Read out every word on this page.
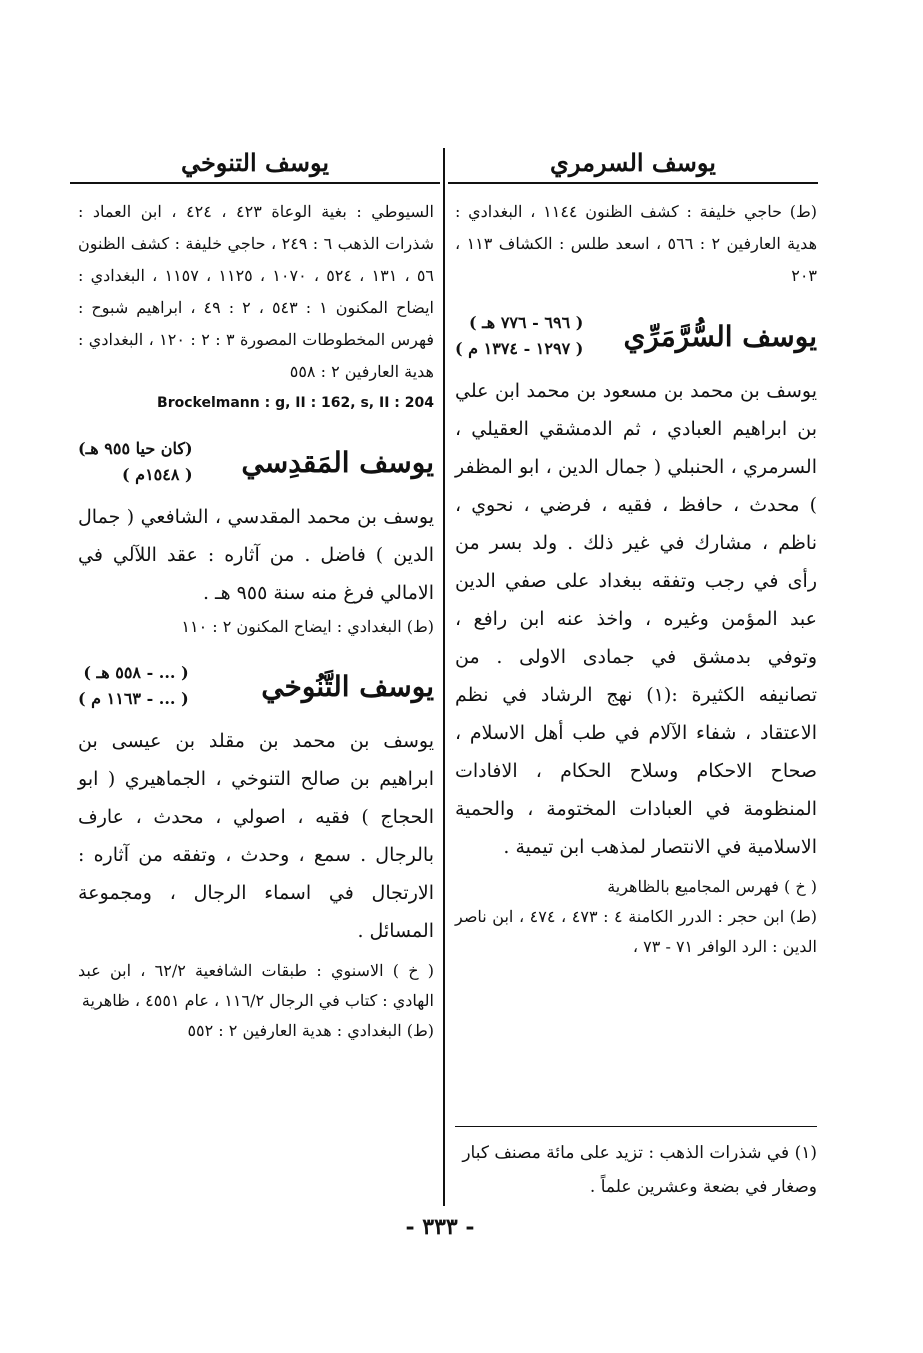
يوسف السرمري
يوسف التنوخي

(ط) حاجي خليفة : كشف الظنون ١١٤٤ ، البغدادي : هدية العارفين ٢ : ٥٦٦ ، اسعد طلس : الكشاف ١١٣ ، ٢٠٣

يوسف السُّرَّمَرِّي
( ٦٩٦ - ٧٧٦ هـ )
( ١٢٩٧ - ١٣٧٤ م )

يوسف بن محمد بن مسعود بن محمد ابن علي بن ابراهيم العبادي ، ثم الدمشقي العقيلي ، السرمري ، الحنبلي ( جمال الدين ، ابو المظفر ) محدث ، حافظ ، فقيه ، فرضي ، نحوي ، ناظم ، مشارك في غير ذلك . ولد بسر من رأى في رجب وتفقه ببغداد على صفي الدين عبد المؤمن وغيره ، واخذ عنه ابن رافع ، وتوفي بدمشق في جمادى الاولى . من تصانيفه الكثيرة :(١) نهج الرشاد في نظم الاعتقاد ، شفاء الآلام في طب أهل الاسلام ، صحاح الاحكام وسلاح الحكام ، الافادات المنظومة في العبادات المختومة ، والحمية الاسلامية في الانتصار لمذهب ابن تيمية .

( خ ) فهرس المجاميع بالظاهرية

(ط) ابن حجر : الدرر الكامنة ٤ : ٤٧٣ ، ٤٧٤ ، ابن ناصر الدين : الرد الوافر ٧١ - ٧٣ ،

(١) في شذرات الذهب : تزيد على مائة مصنف كبار وصغار في بضعة وعشرين علماً .

السيوطي : بغية الوعاة ٤٢٣ ، ٤٢٤ ، ابن العماد : شذرات الذهب ٦ : ٢٤٩ ، حاجي خليفة : كشف الظنون ٥٦ ، ١٣١ ، ٥٢٤ ، ١٠٧٠ ، ١١٢٥ ، ١١٥٧ ، البغدادي : ايضاح المكنون ١ : ٥٤٣ ، ٢ : ٤٩ ، ابراهيم شبوح : فهرس المخطوطات المصورة ٣ : ٢ : ١٢٠ ، البغدادي : هدية العارفين ٢ : ٥٥٨

Brockelmann : g, II : 162, s, II : 204

يوسف المَقدِسي
(كان حيا ٩٥٥ هـ)
( ١٥٤٨م )

يوسف بن محمد المقدسي ، الشافعي ( جمال الدين ) فاضل . من آثاره : عقد اللآلي في الامالي فرغ منه سنة ٩٥٥ هـ .

(ط) البغدادي : ايضاح المكنون ٢ : ١١٠

يوسف التَّنُوخي
( ... - ٥٥٨ هـ )
( ... - ١١٦٣ م )

يوسف بن محمد بن مقلد بن عيسى بن ابراهيم بن صالح التنوخي ، الجماهيري ( ابو الحجاج ) فقيه ، اصولي ، محدث ، عارف بالرجال . سمع ، وحدث ، وتفقه من آثاره : الارتجال في اسماء الرجال ، ومجموعة المسائل .

( خ ) الاسنوي : طبقات الشافعية ٦٢/٢ ، ابن عبد الهادي : كتاب في الرجال ١١٦/٢ ، عام ٤٥٥١ ، ظاهرية

(ط) البغدادي : هدية العارفين ٢ : ٥٥٢

- ٣٣٣ -
